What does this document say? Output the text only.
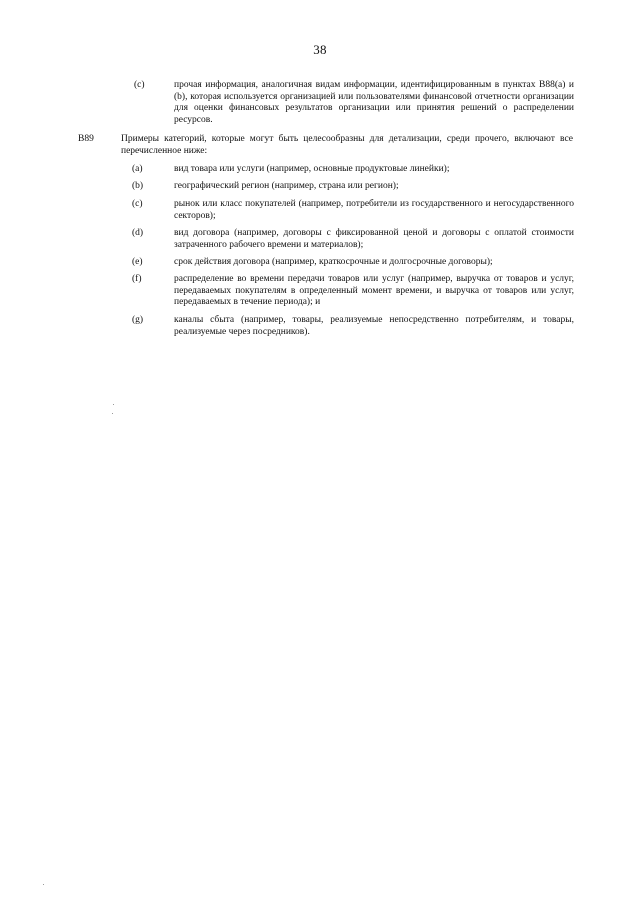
38
(c)	прочая информация, аналогичная видам информации, идентифицированным в пунктах B88(a) и (b), которая используется организацией или пользователями финансовой отчетности организации для оценки финансовых результатов организации или принятия решений о распределении ресурсов.
B89	Примеры категорий, которые могут быть целесообразны для детализации, среди прочего, включают все перечисленное ниже:
(a)	вид товара или услуги (например, основные продуктовые линейки);
(b)	географический регион (например, страна или регион);
(c)	рынок или класс покупателей (например, потребители из государственного и негосударственного секторов);
(d)	вид договора (например, договоры с фиксированной ценой и договоры с оплатой стоимости затраченного рабочего времени и материалов);
(e)	срок действия договора (например, краткосрочные и долгосрочные договоры);
(f)	распределение во времени передачи товаров или услуг (например, выручка от товаров и услуг, передаваемых покупателям в определенный момент времени, и выручка от товаров или услуг, передаваемых в течение периода); и
(g)	каналы сбыта (например, товары, реализуемые непосредственно потребителям, и товары, реализуемые через посредников).
